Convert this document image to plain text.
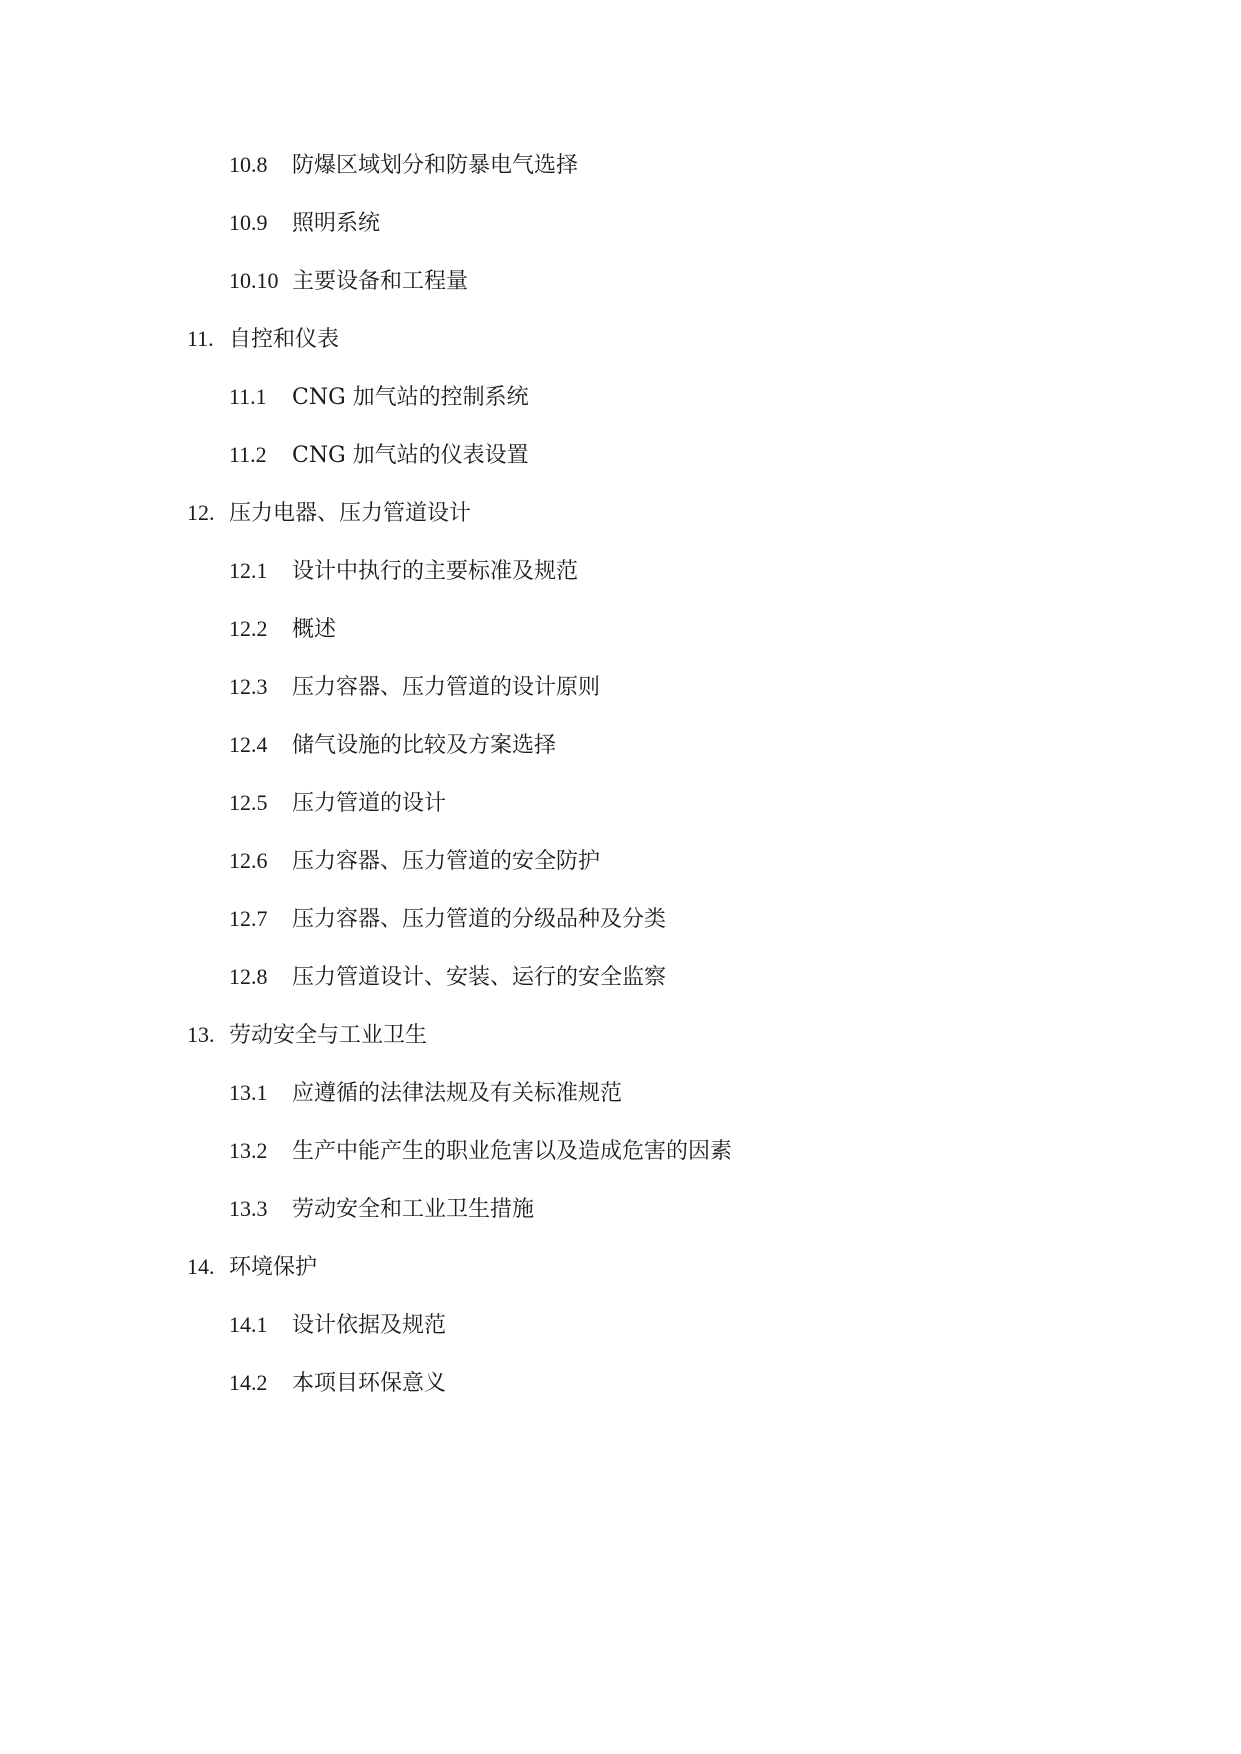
10.8 防爆区域划分和防暴电气选择
10.9 照明系统
10.10 主要设备和工程量
11. 自控和仪表
11.1 CNG 加气站的控制系统
11.2 CNG 加气站的仪表设置
12. 压力电器、压力管道设计
12.1 设计中执行的主要标准及规范
12.2 概述
12.3 压力容器、压力管道的设计原则
12.4 储气设施的比较及方案选择
12.5 压力管道的设计
12.6 压力容器、压力管道的安全防护
12.7 压力容器、压力管道的分级品种及分类
12.8 压力管道设计、安装、运行的安全监察
13. 劳动安全与工业卫生
13.1 应遵循的法律法规及有关标准规范
13.2 生产中能产生的职业危害以及造成危害的因素
13.3 劳动安全和工业卫生措施
14. 环境保护
14.1 设计依据及规范
14.2 本项目环保意义
